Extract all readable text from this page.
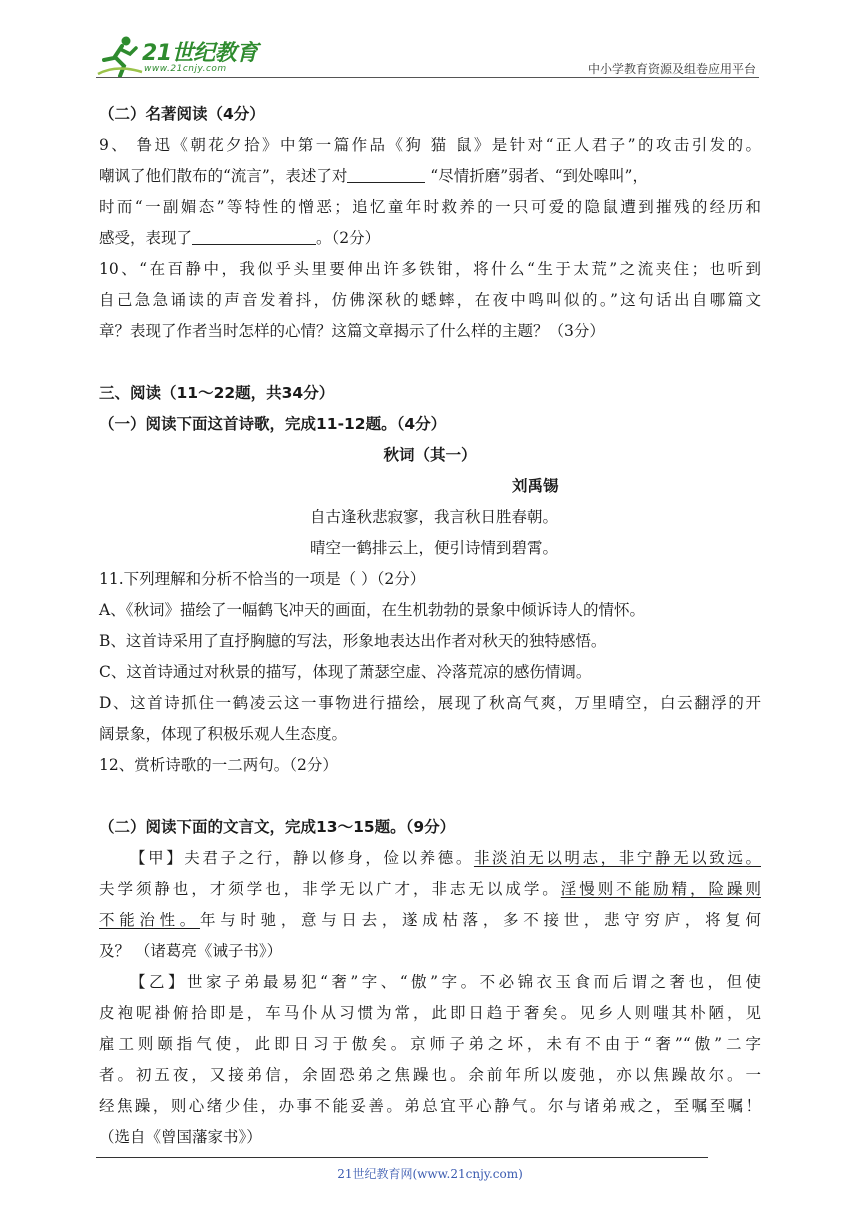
21世纪教育
www.21cnjy.com	中小学教育资源及组卷应用平台
（二）名著阅读（4分）
9、 鲁迅《朝花夕拾》中第一篇作品《狗 猫 鼠》是针对“正人君子”的攻击引发的。
嘲讽了他们散布的“流言”，表述了对	“尽情折磨”弱者、“到处嗥叫”，
时而“一副媚态”等特性的憎恶；追忆童年时救养的一只可爱的隐鼠遭到摧残的经历和
感受，表现了	。（2分）
10、“在百静中，我似乎头里要伸出许多铁钳，将什么“生于太荒”之流夹住；也听到
自己急急诵读的声音发着抖，仿佛深秋的蟋蟀，在夜中鸣叫似的。”这句话出自哪篇文
章？表现了作者当时怎样的心情？这篇文章揭示了什么样的主题？（3分）
三、阅读（11～22题，共34分）
（一）阅读下面这首诗歌，完成11-12题。（4分）
秋词（其一）
刘禹锡
自古逢秋悲寂寥，我言秋日胜春朝。
晴空一鹤排云上，便引诗情到碧霄。
11.下列理解和分析不恰当的一项是（ ）（2分）
A、《秋词》描绘了一幅鹤飞冲天的画面，在生机勃勃的景象中倾诉诗人的情怀。
B、这首诗采用了直抒胸臆的写法，形象地表达出作者对秋天的独特感悟。
C、这首诗通过对秋景的描写，体现了萧瑟空虚、冷落荒凉的感伤情调。
D、这首诗抓住一鹤凌云这一事物进行描绘，展现了秋高气爽，万里晴空，白云翻浮的开
阔景象，体现了积极乐观人生态度。
12、赏析诗歌的一二两句。（2分）
（二）阅读下面的文言文，完成13～15题。（9分）
【甲】夫君子之行，静以修身，俭以养德。非淡泊无以明志，非宁静无以致远。
夫学须静也，才须学也，非学无以广才，非志无以成学。淫慢则不能励精，险躁则
不能治性。年与时驰，意与日去，遂成枯落，多不接世，悲守穷庐，将复何
及？ （诸葛亮《诫子书》）
【乙】世家子弟最易犯“奢”字、“傲”字。不必锦衣玉食而后谓之奢也，但使
皮袍呢褂俯拾即是，车马仆从习惯为常，此即日趋于奢矣。见乡人则嗤其朴陋，见
雇工则颐指气使，此即日习于傲矣。京师子弟之坏，未有不由于“奢”“傲”二字
者。初五夜，又接弟信，余固恐弟之焦躁也。余前年所以废弛，亦以焦躁故尔。一
经焦躁，则心绪少佳，办事不能妥善。弟总宜平心静气。尔与诸弟戒之，至嘱至嘱！
（选自《曾国藩家书》）
21世纪教育网(www.21cnjy.com)
